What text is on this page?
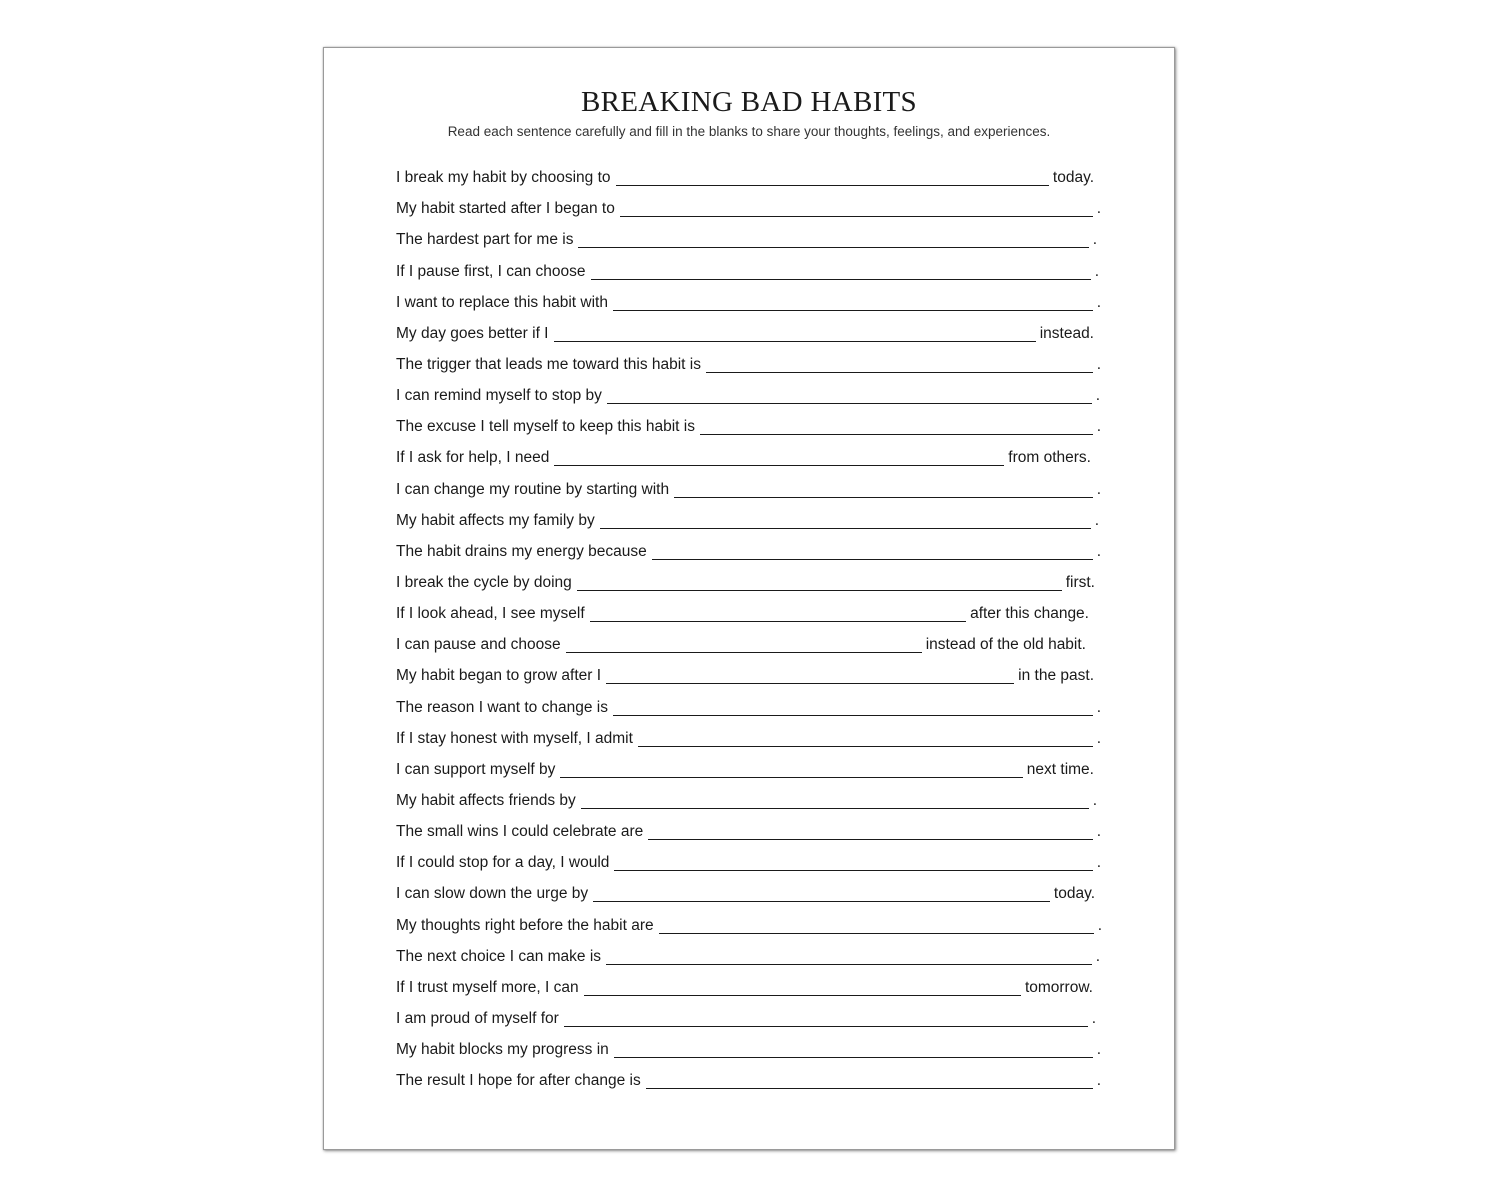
BREAKING BAD HABITS

Read each sentence carefully and fill in the blanks to share your thoughts, feelings, and experiences.

I break my habit by choosing to	today.
My habit started after I began to	.
The hardest part for me is	.
If I pause first, I can choose	.
I want to replace this habit with	.
My day goes better if I	instead.
The trigger that leads me toward this habit is	.
I can remind myself to stop by	.
The excuse I tell myself to keep this habit is	.
If I ask for help, I need	from others.
I can change my routine by starting with	.
My habit affects my family by	.
The habit drains my energy because	.
I break the cycle by doing	first.
If I look ahead, I see myself	after this change.
I can pause and choose	instead of the old habit.
My habit began to grow after I	in the past.
The reason I want to change is	.
If I stay honest with myself, I admit	.
I can support myself by	next time.
My habit affects friends by	.
The small wins I could celebrate are	.
If I could stop for a day, I would	.
I can slow down the urge by	today.
My thoughts right before the habit are	.
The next choice I can make is	.
If I trust myself more, I can	tomorrow.
I am proud of myself for	.
My habit blocks my progress in	.
The result I hope for after change is	.
